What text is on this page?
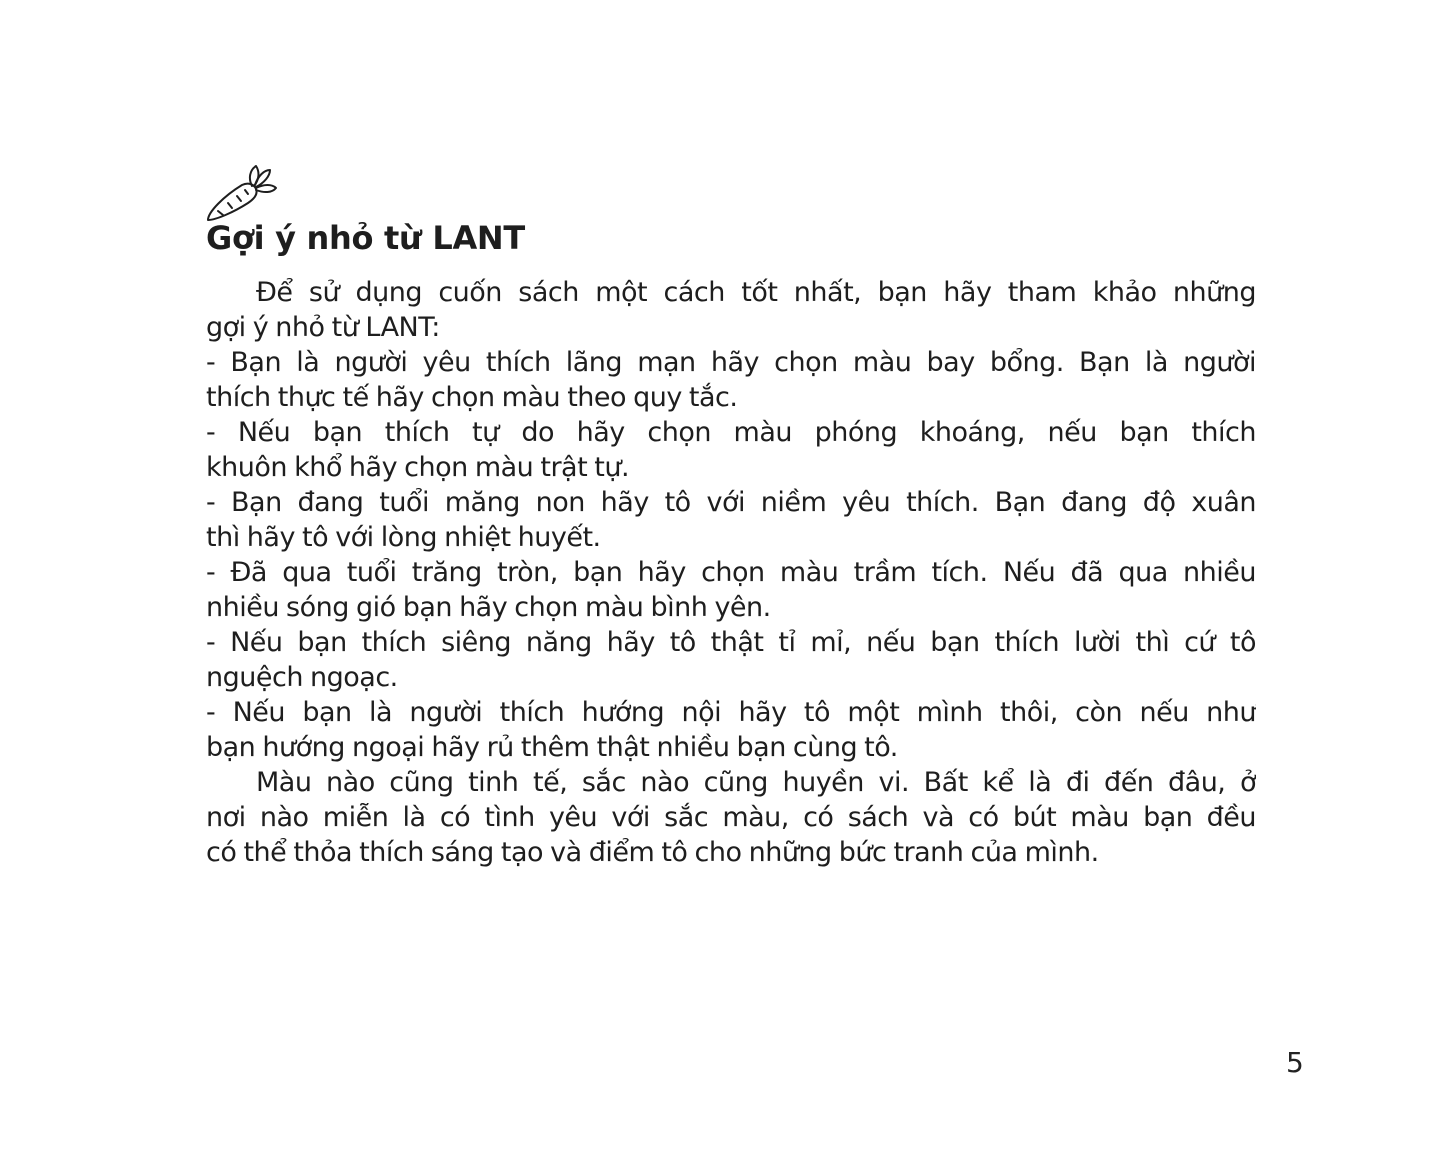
Gợi ý nhỏ từ LANT
Để sử dụng cuốn sách một cách tốt nhất, bạn hãy tham khảo những
gợi ý nhỏ từ LANT:
- Bạn là người yêu thích lãng mạn hãy chọn màu bay bổng. Bạn là người
thích thực tế hãy chọn màu theo quy tắc.
- Nếu bạn thích tự do hãy chọn màu phóng khoáng, nếu bạn thích
khuôn khổ hãy chọn màu trật tự.
- Bạn đang tuổi măng non hãy tô với niềm yêu thích. Bạn đang độ xuân
thì hãy tô với lòng nhiệt huyết.
- Đã qua tuổi trăng tròn, bạn hãy chọn màu trầm tích. Nếu đã qua nhiều
nhiều sóng gió bạn hãy chọn màu bình yên.
- Nếu bạn thích siêng năng hãy tô thật tỉ mỉ, nếu bạn thích lười thì cứ tô
nguệch ngoạc.
- Nếu bạn là người thích hướng nội hãy tô một mình thôi, còn nếu như
bạn hướng ngoại hãy rủ thêm thật nhiều bạn cùng tô.
Màu nào cũng tinh tế, sắc nào cũng huyền vi. Bất kể là đi đến đâu, ở
nơi nào miễn là có tình yêu với sắc màu, có sách và có bút màu bạn đều
có thể thỏa thích sáng tạo và điểm tô cho những bức tranh của mình.
5
